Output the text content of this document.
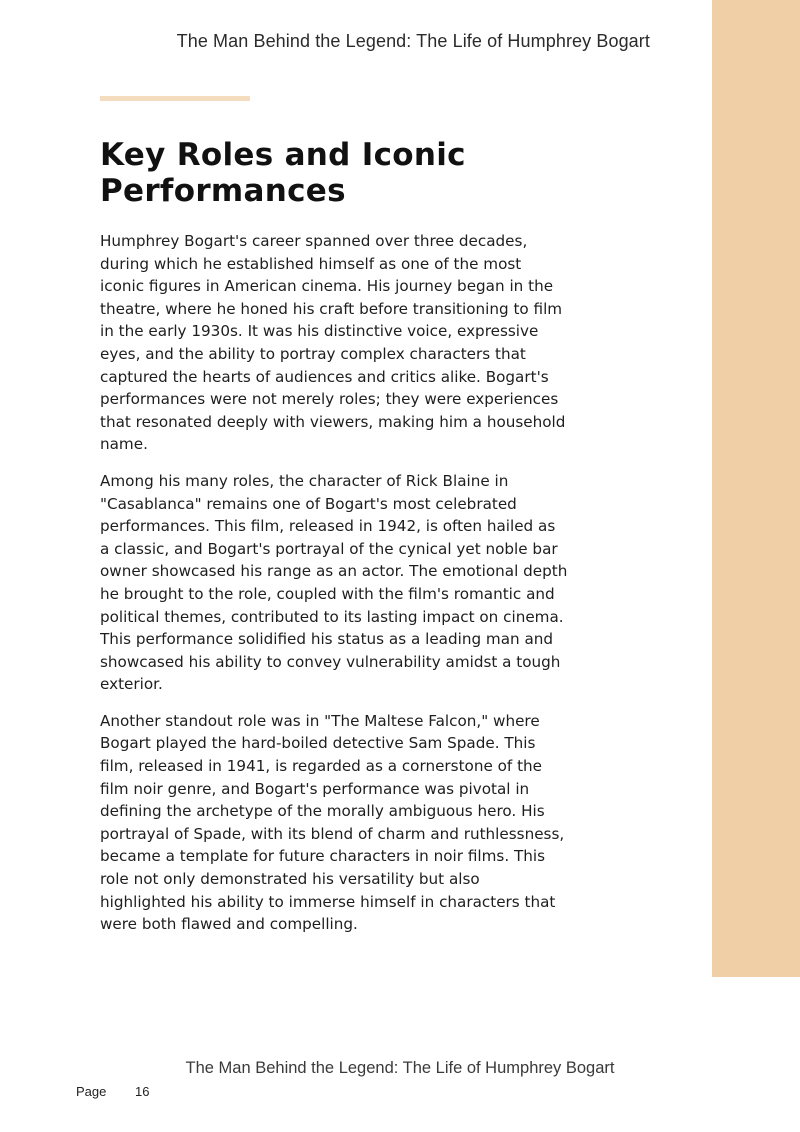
The Man Behind the Legend: The Life of Humphrey Bogart
Key Roles and Iconic Performances

Humphrey Bogart's career spanned over three decades, during which he established himself as one of the most iconic figures in American cinema. His journey began in the theatre, where he honed his craft before transitioning to film in the early 1930s. It was his distinctive voice, expressive eyes, and the ability to portray complex characters that captured the hearts of audiences and critics alike. Bogart's performances were not merely roles; they were experiences that resonated deeply with viewers, making him a household name.

Among his many roles, the character of Rick Blaine in "Casablanca" remains one of Bogart's most celebrated performances. This film, released in 1942, is often hailed as a classic, and Bogart's portrayal of the cynical yet noble bar owner showcased his range as an actor. The emotional depth he brought to the role, coupled with the film's romantic and political themes, contributed to its lasting impact on cinema. This performance solidified his status as a leading man and showcased his ability to convey vulnerability amidst a tough exterior.

Another standout role was in "The Maltese Falcon," where Bogart played the hard-boiled detective Sam Spade. This film, released in 1941, is regarded as a cornerstone of the film noir genre, and Bogart's performance was pivotal in defining the archetype of the morally ambiguous hero. His portrayal of Spade, with its blend of charm and ruthlessness, became a template for future characters in noir films. This role not only demonstrated his versatility but also highlighted his ability to immerse himself in characters that were both flawed and compelling.

The Man Behind the Legend: The Life of Humphrey Bogart
Page 16
